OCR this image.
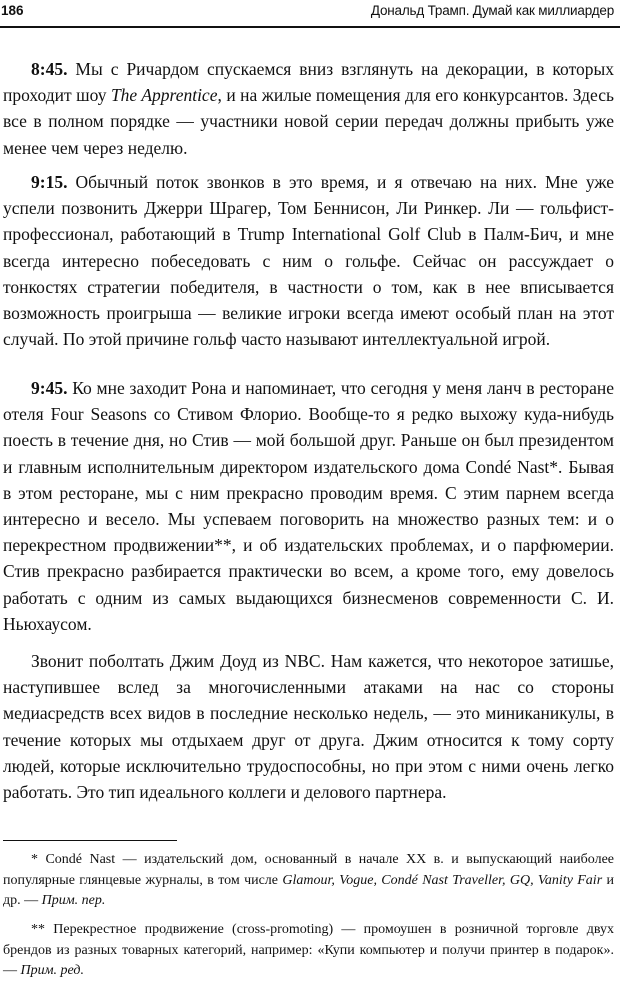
186	Дональд Трамп. Думай как миллиардер

8:45. Мы с Ричардом спускаемся вниз взглянуть на декорации, в которых проходит шоу The Apprentice, и на жилые помещения для его конкурсантов. Здесь все в полном порядке — участники новой серии передач должны прибыть уже менее чем через неделю.

9:15. Обычный поток звонков в это время, и я отвечаю на них. Мне уже успели позвонить Джерри Шрагер, Том Беннисон, Ли Ринкер. Ли — гольфист-профессионал, работающий в Trump International Golf Club в Палм-Бич, и мне всегда интересно побеседовать с ним о гольфе. Сейчас он рассуждает о тонкостях стратегии победителя, в частности о том, как в нее вписывается возможность проигрыша — великие игроки всегда имеют особый план на этот случай. По этой причине гольф часто называют интеллектуальной игрой.

9:45. Ко мне заходит Рона и напоминает, что сегодня у меня ланч в ресторане отеля Four Seasons со Стивом Флорио. Вообще-то я редко выхожу куда-нибудь поесть в течение дня, но Стив — мой большой друг. Раньше он был президентом и главным исполнительным директором издательского дома Condé Nast*. Бывая в этом ресторане, мы с ним прекрасно проводим время. С этим парнем всегда интересно и весело. Мы успеваем поговорить на множество разных тем: и о перекрестном продвижении**, и об издательских проблемах, и о парфюмерии. Стив прекрасно разбирается практически во всем, а кроме того, ему довелось работать с одним из самых выдающихся бизнесменов современности С. И. Ньюхаусом.

Звонит поболтать Джим Доуд из NBC. Нам кажется, что некоторое затишье, наступившее вслед за многочисленными атаками на нас со стороны медиасредств всех видов в последние несколько недель, — это миниканикулы, в течение которых мы отдыхаем друг от друга. Джим относится к тому сорту людей, которые исключительно трудоспособны, но при этом с ними очень легко работать. Это тип идеального коллеги и делового партнера.

* Condé Nast — издательский дом, основанный в начале XX в. и выпускающий наиболее популярные глянцевые журналы, в том числе Glamour, Vogue, Condé Nast Traveller, GQ, Vanity Fair и др. — Прим. пер.

** Перекрестное продвижение (cross-promoting) — промоушен в розничной торговле двух брендов из разных товарных категорий, например: «Купи компьютер и получи принтер в подарок». — Прим. ред.
